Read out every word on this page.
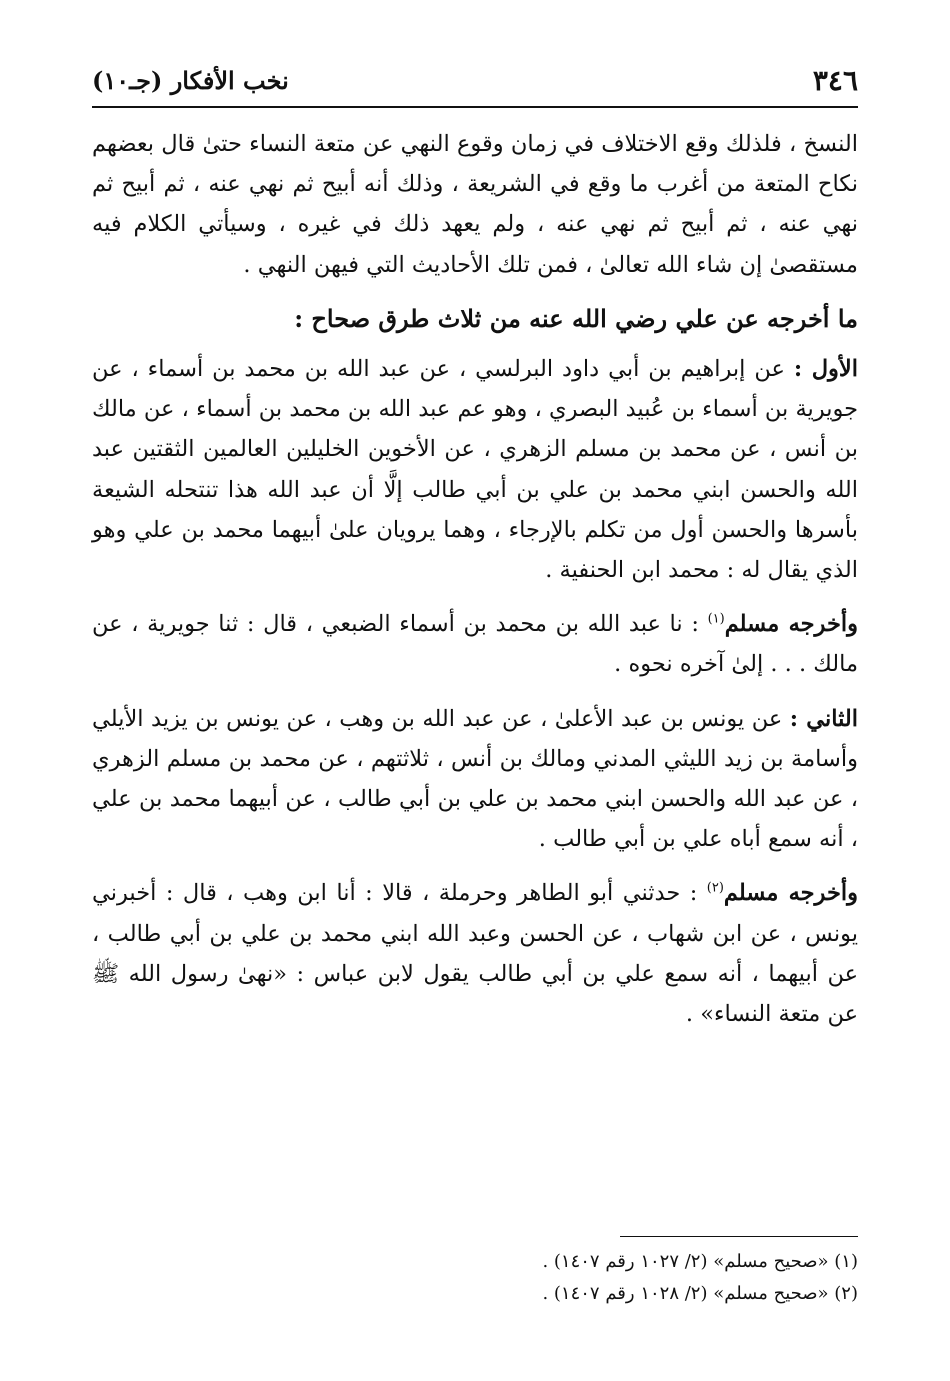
٣٤٦
نخب الأفكار (جـ١٠)

النسخ ، فلذلك وقع الاختلاف في زمان وقوع النهي عن متعة النساء حتىٰ قال بعضهم نكاح المتعة من أغرب ما وقع في الشريعة ، وذلك أنه أبيح ثم نهي عنه ، ثم أبيح ثم نهي عنه ، ثم أبيح ثم نهي عنه ، ولم يعهد ذلك في غيره ، وسيأتي الكلام فيه مستقصىٰ إن شاء الله تعالىٰ ، فمن تلك الأحاديث التي فيهن النهي .

ما أخرجه عن علي رضي الله عنه من ثلاث طرق صحاح :

الأول : عن إبراهيم بن أبي داود البرلسي ، عن عبد الله بن محمد بن أسماء ، عن جويرية بن أسماء بن عُبيد البصري ، وهو عم عبد الله بن محمد بن أسماء ، عن مالك بن أنس ، عن محمد بن مسلم الزهري ، عن الأخوين الخليلين العالمين الثقتين عبد الله والحسن ابني محمد بن علي بن أبي طالب إلَّا أن عبد الله هذا تنتحله الشيعة بأسرها والحسن أول من تكلم بالإرجاء ، وهما يرويان علىٰ أبيهما محمد بن علي وهو الذي يقال له : محمد ابن الحنفية .

وأخرجه مسلم$^{(١)}$ : نا عبد الله بن محمد بن أسماء الضبعي ، قال : ثنا جويرية ، عن مالك . . . إلىٰ آخره نحوه .

الثاني : عن يونس بن عبد الأعلىٰ ، عن عبد الله بن وهب ، عن يونس بن يزيد الأيلي وأسامة بن زيد الليثي المدني ومالك بن أنس ، ثلاثتهم ، عن محمد بن مسلم الزهري ، عن عبد الله والحسن ابني محمد بن علي بن أبي طالب ، عن أبيهما محمد بن علي ، أنه سمع أباه علي بن أبي طالب .

وأخرجه مسلم$^{(٢)}$ : حدثني أبو الطاهر وحرملة ، قالا : أنا ابن وهب ، قال : أخبرني يونس ، عن ابن شهاب ، عن الحسن وعبد الله ابني محمد بن علي بن أبي طالب ، عن أبيهما ، أنه سمع علي بن أبي طالب يقول لابن عباس : «نهىٰ رسول الله ﷺ عن متعة النساء» .

(١) «صحيح مسلم» (٢/ ١٠٢٧ رقم ١٤٠٧) .
(٢) «صحيح مسلم» (٢/ ١٠٢٨ رقم ١٤٠٧) .
